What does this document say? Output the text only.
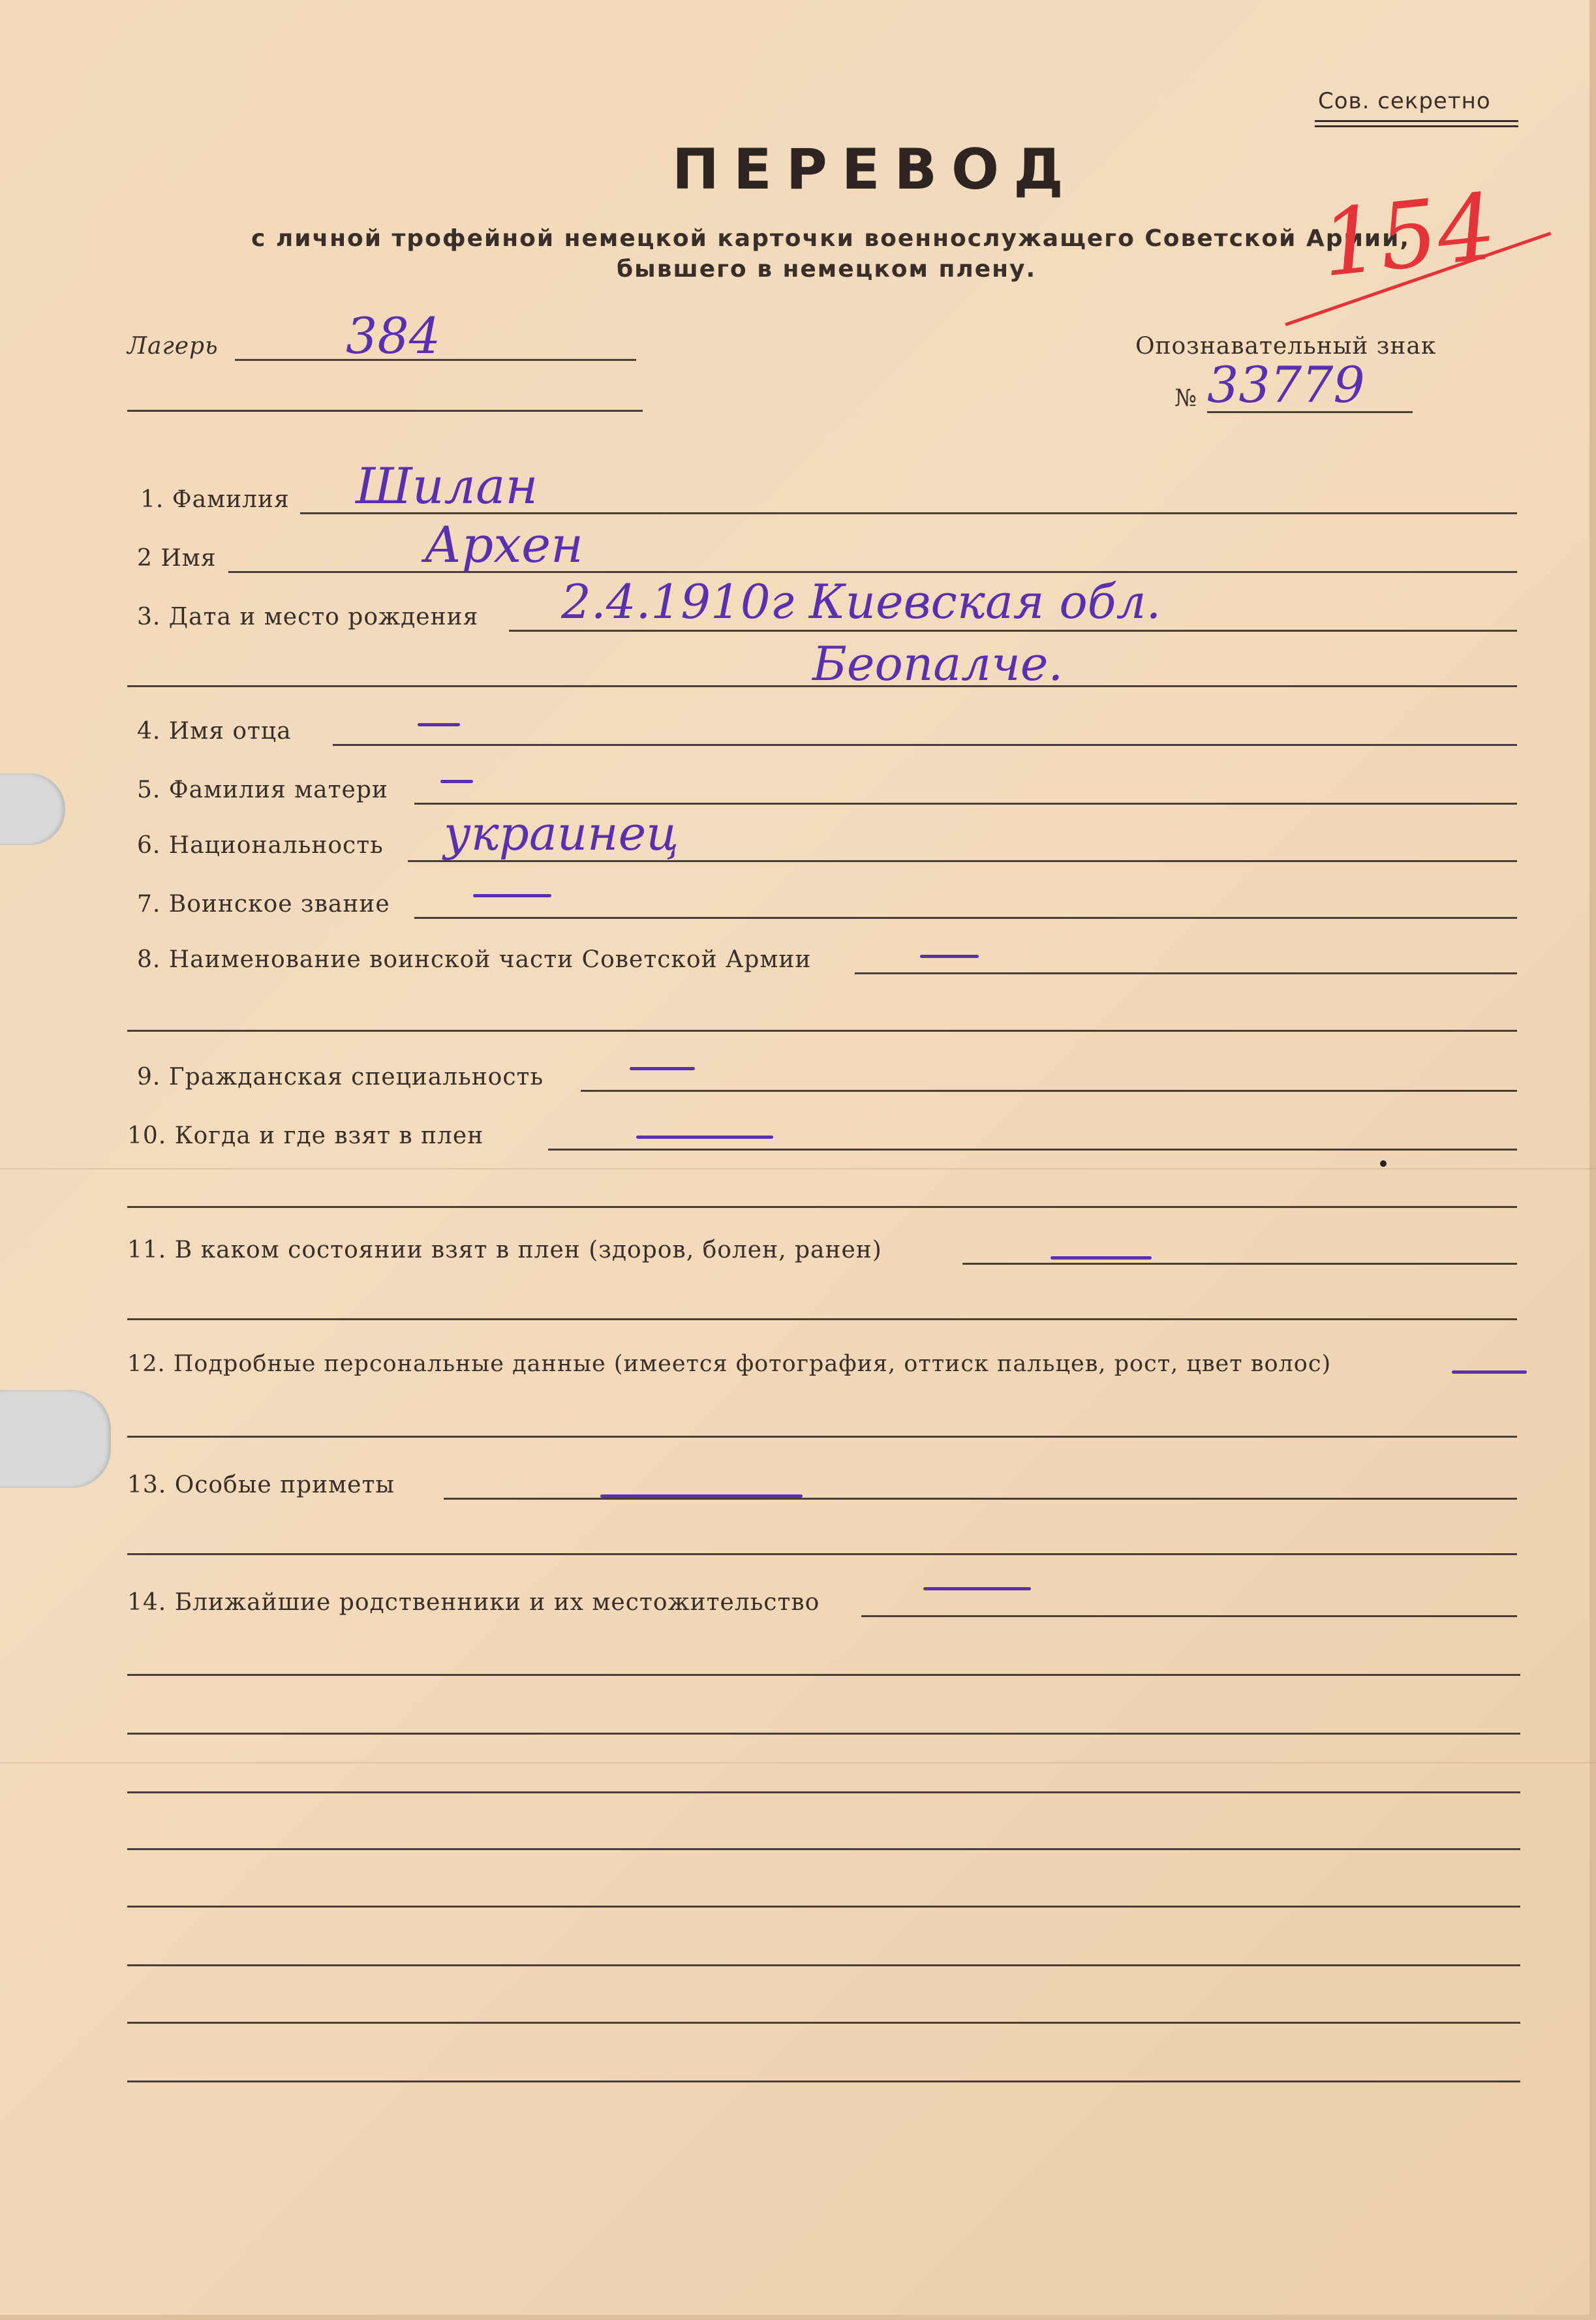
Сов. секретно
ПЕРЕВОД
с личной трофейной немецкой карточки военнослужащего Советской Армии,
бывшего в немецком плену.	154
Лагерь	384	Опознавательный знак
№ 33779
1. Фамилия Шилан
2 Имя	Архен
3. Дата и место рождения 2.4.1910г Киевская обл.
Беопалче.
4. Имя отца
5. Фамилия матери
6. Национальность украинец
7. Воинское звание
8. Наименование воинской части Советской Армии
9. Гражданская специальность
10. Когда и где взят в плен
11. В каком состоянии взят в плен (здоров, болен, ранен)
12. Подробные персональные данные (имеется фотография, оттиск пальцев, рост, цвет волос)
13. Особые приметы
14. Ближайшие родственники и их местожительство
